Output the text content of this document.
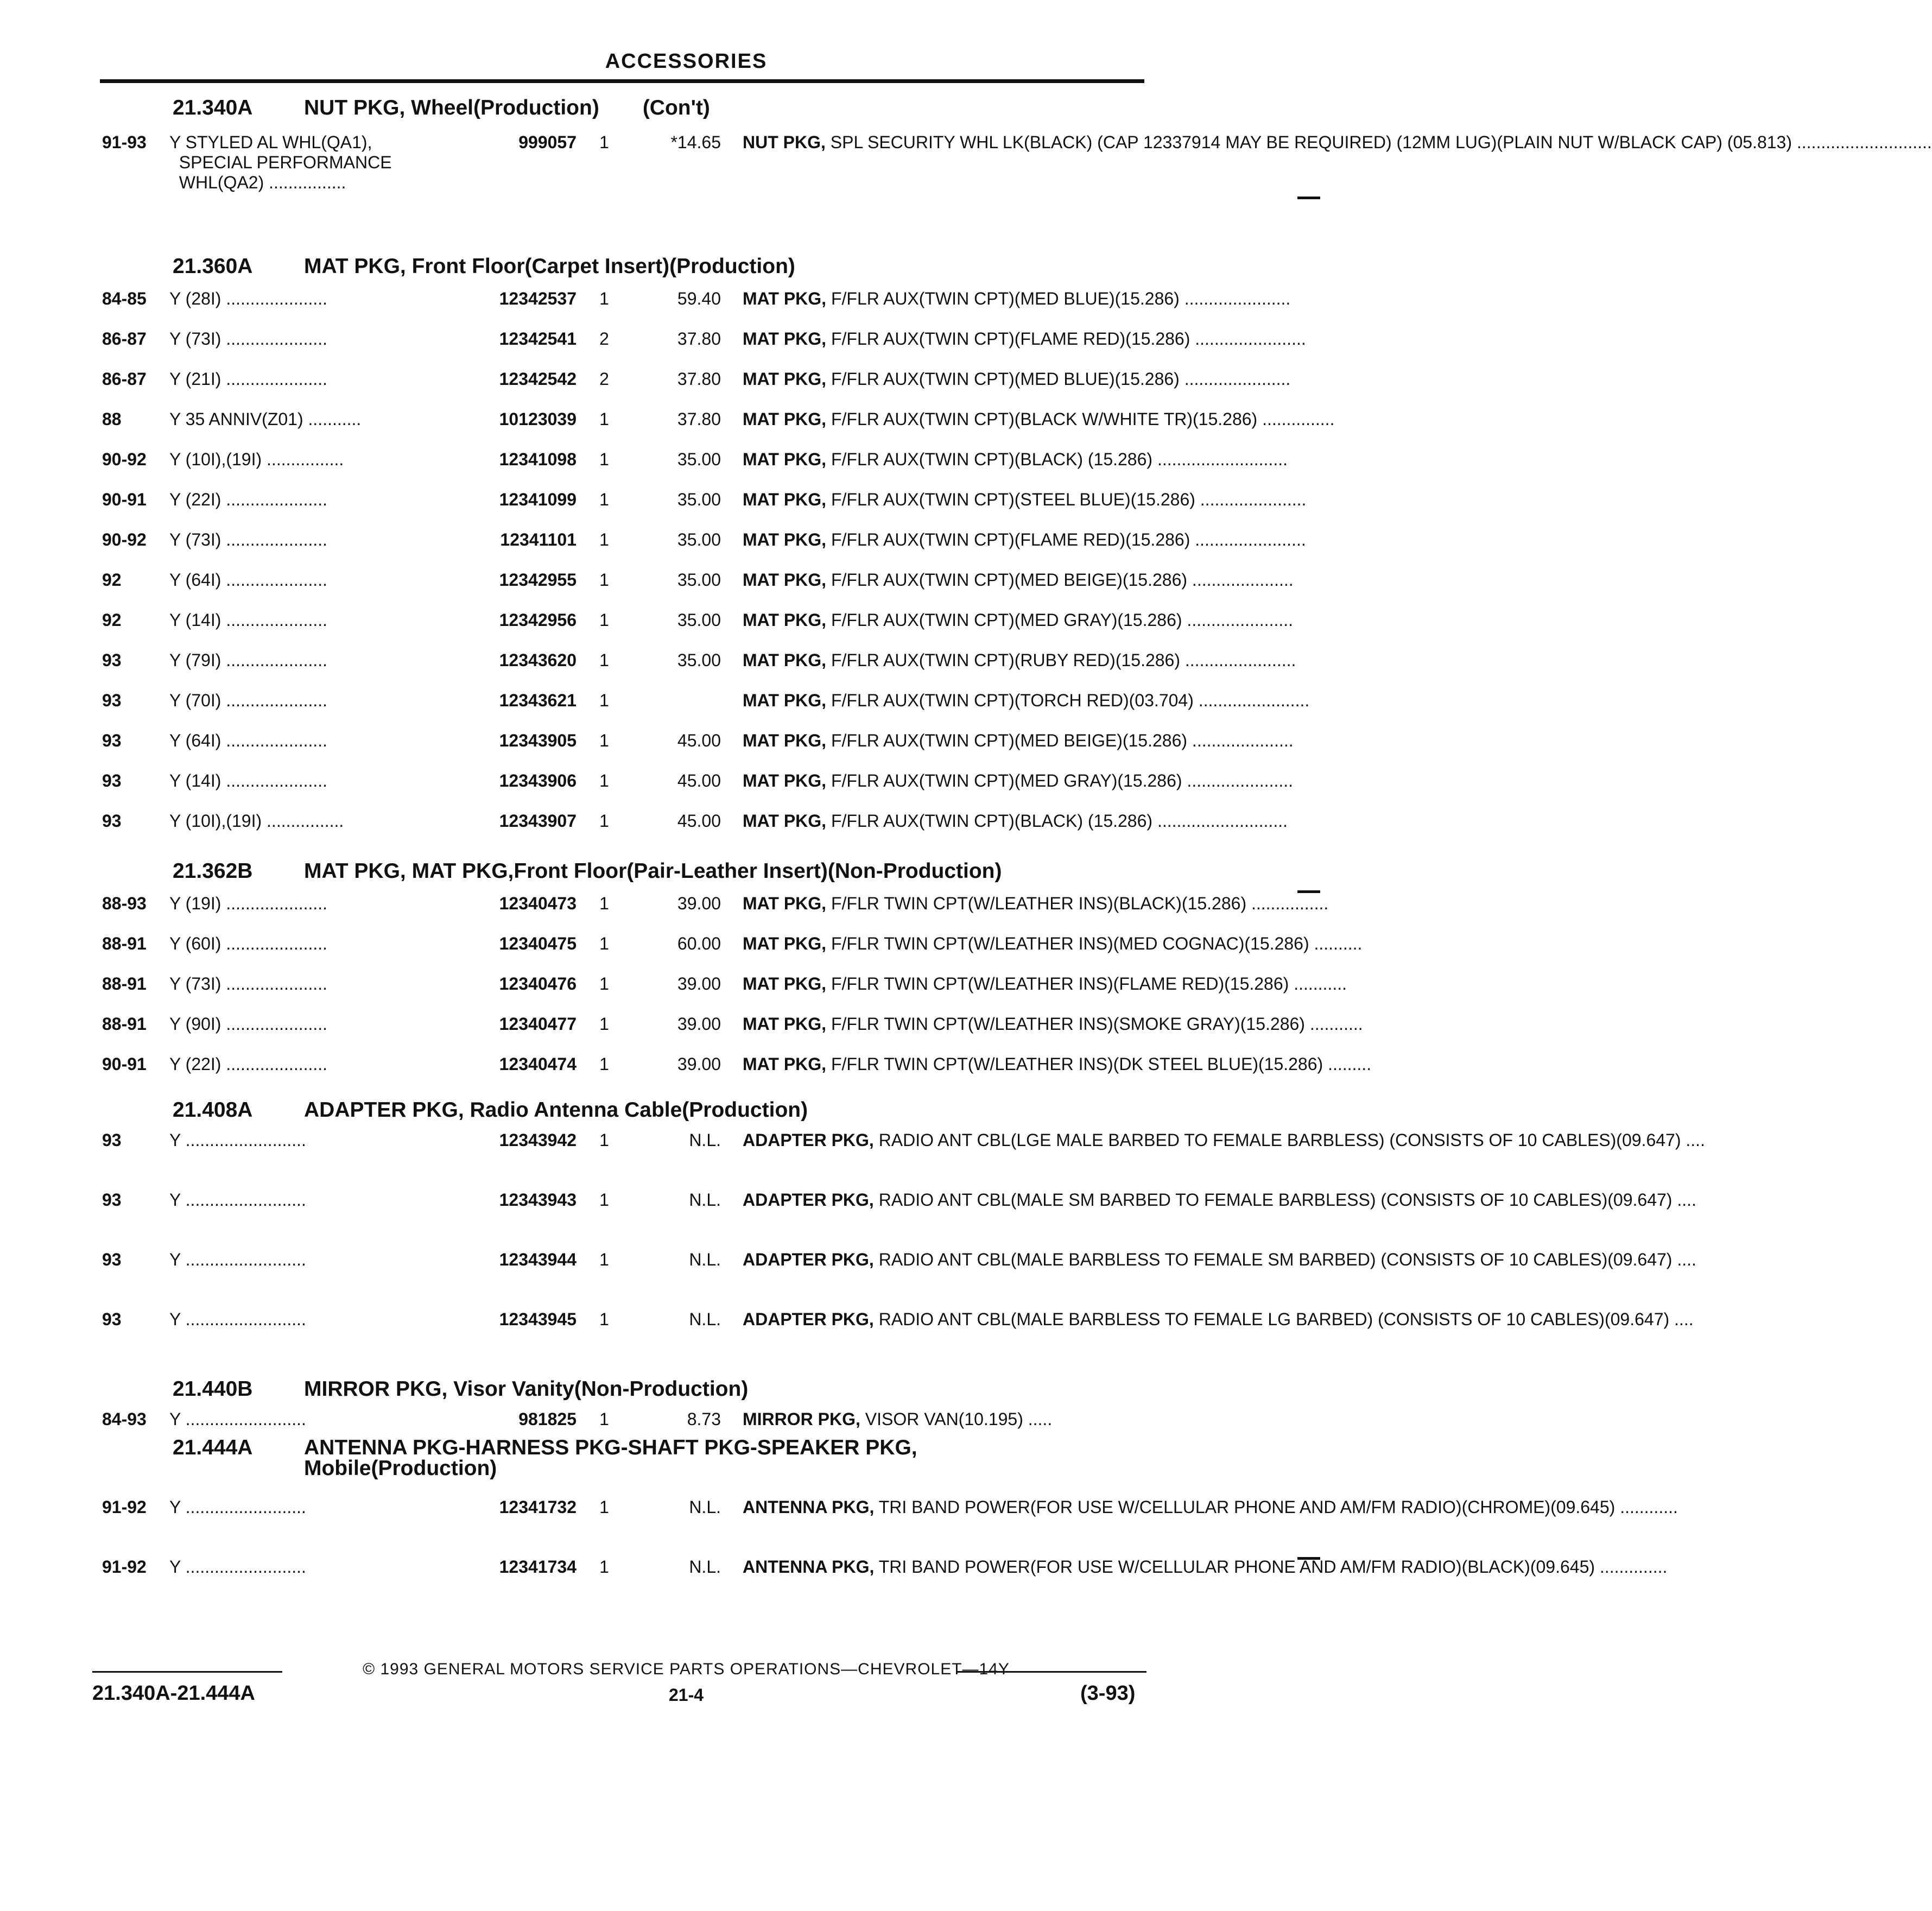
ACCESSORIES
21.340A NUT PKG, Wheel(Production) (Con't)
91-93 Y STYLED AL WHL(QA1),
SPECIAL PERFORMANCE
WHL(QA2) ................
999057 1	*14.65 NUT PKG, SPL SECURITY WHL LK(BLACK) (CAP 12337914 MAY BE REQUIRED) (12MM LUG)(PLAIN NUT W/BLACK CAP) (05.813) ............................
21.360A MAT PKG, Front Floor(Carpet Insert)(Production)
84-85 Y (28I) .....................	12342537 1	59.40 MAT PKG, F/FLR AUX(TWIN CPT)(MED BLUE)(15.286) ......................
86-87 Y (73I) .....................	12342541 2	37.80 MAT PKG, F/FLR AUX(TWIN CPT)(FLAME RED)(15.286) .......................
86-87 Y (21I) .....................	12342542 2	37.80 MAT PKG, F/FLR AUX(TWIN CPT)(MED BLUE)(15.286) ......................
88	Y 35 ANNIV(Z01) ...........	10123039 1	37.80 MAT PKG, F/FLR AUX(TWIN CPT)(BLACK W/WHITE TR)(15.286) ...............
90-92 Y (10I),(19I) ................	12341098 1	35.00 MAT PKG, F/FLR AUX(TWIN CPT)(BLACK) (15.286) ...........................
90-91 Y (22I) .....................	12341099 1	35.00 MAT PKG, F/FLR AUX(TWIN CPT)(STEEL BLUE)(15.286) ......................
90-92 Y (73I) .....................	12341101 1	35.00 MAT PKG, F/FLR AUX(TWIN CPT)(FLAME RED)(15.286) .......................
92	Y (64I) .....................	12342955 1	35.00 MAT PKG, F/FLR AUX(TWIN CPT)(MED BEIGE)(15.286) .....................
92	Y (14I) .....................	12342956 1	35.00 MAT PKG, F/FLR AUX(TWIN CPT)(MED GRAY)(15.286) ......................
93	Y (79I) .....................	12343620 1	35.00 MAT PKG, F/FLR AUX(TWIN CPT)(RUBY RED)(15.286) .......................
93	Y (70I) .....................	12343621 1	MAT PKG, F/FLR AUX(TWIN CPT)(TORCH RED)(03.704) .......................
93	Y (64I) .....................	12343905 1	45.00 MAT PKG, F/FLR AUX(TWIN CPT)(MED BEIGE)(15.286) .....................
93	Y (14I) .....................	12343906 1	45.00 MAT PKG, F/FLR AUX(TWIN CPT)(MED GRAY)(15.286) ......................
93	Y (10I),(19I) ................	12343907 1	45.00 MAT PKG, F/FLR AUX(TWIN CPT)(BLACK) (15.286) ...........................
21.362B MAT PKG, MAT PKG,Front Floor(Pair-Leather Insert)(Non-Production)
88-93 Y (19I) .....................	12340473 1	39.00 MAT PKG, F/FLR TWIN CPT(W/LEATHER INS)(BLACK)(15.286) ................
88-91 Y (60I) .....................	12340475 1	60.00 MAT PKG, F/FLR TWIN CPT(W/LEATHER INS)(MED COGNAC)(15.286) ..........
88-91 Y (73I) .....................	12340476 1	39.00 MAT PKG, F/FLR TWIN CPT(W/LEATHER INS)(FLAME RED)(15.286) ...........
88-91 Y (90I) .....................	12340477 1	39.00 MAT PKG, F/FLR TWIN CPT(W/LEATHER INS)(SMOKE GRAY)(15.286) ...........
90-91 Y (22I) .....................	12340474 1	39.00 MAT PKG, F/FLR TWIN CPT(W/LEATHER INS)(DK STEEL BLUE)(15.286) .........
21.408A ADAPTER PKG, Radio Antenna Cable(Production)
93	Y .........................	12343942 1	N.L. ADAPTER PKG, RADIO ANT CBL(LGE MALE BARBED TO FEMALE BARBLESS) (CONSISTS OF 10 CABLES)(09.647) ....
93	Y .........................	12343943 1	N.L. ADAPTER PKG, RADIO ANT CBL(MALE SM BARBED TO FEMALE BARBLESS) (CONSISTS OF 10 CABLES)(09.647) ....
93	Y .........................	12343944 1	N.L. ADAPTER PKG, RADIO ANT CBL(MALE BARBLESS TO FEMALE SM BARBED) (CONSISTS OF 10 CABLES)(09.647) ....
93	Y .........................	12343945 1	N.L. ADAPTER PKG, RADIO ANT CBL(MALE BARBLESS TO FEMALE LG BARBED) (CONSISTS OF 10 CABLES)(09.647) ....
21.440B MIRROR PKG, Visor Vanity(Non-Production)
84-93 Y .........................	981825 1	8.73 MIRROR PKG, VISOR VAN(10.195) .....
21.444A ANTENNA PKG-HARNESS PKG-SHAFT PKG-SPEAKER PKG,
Mobile(Production)
91-92 Y .........................	12341732 1	N.L. ANTENNA PKG, TRI BAND POWER(FOR USE W/CELLULAR PHONE AND AM/FM RADIO)(CHROME)(09.645) ............
91-92 Y .........................	12341734 1	N.L. ANTENNA PKG, TRI BAND POWER(FOR USE W/CELLULAR PHONE AND AM/FM RADIO)(BLACK)(09.645) ..............
© 1993 GENERAL MOTORS SERVICE PARTS OPERATIONS—CHEVROLET—14Y
21.340A-21.444A	21-4	(3-93)
